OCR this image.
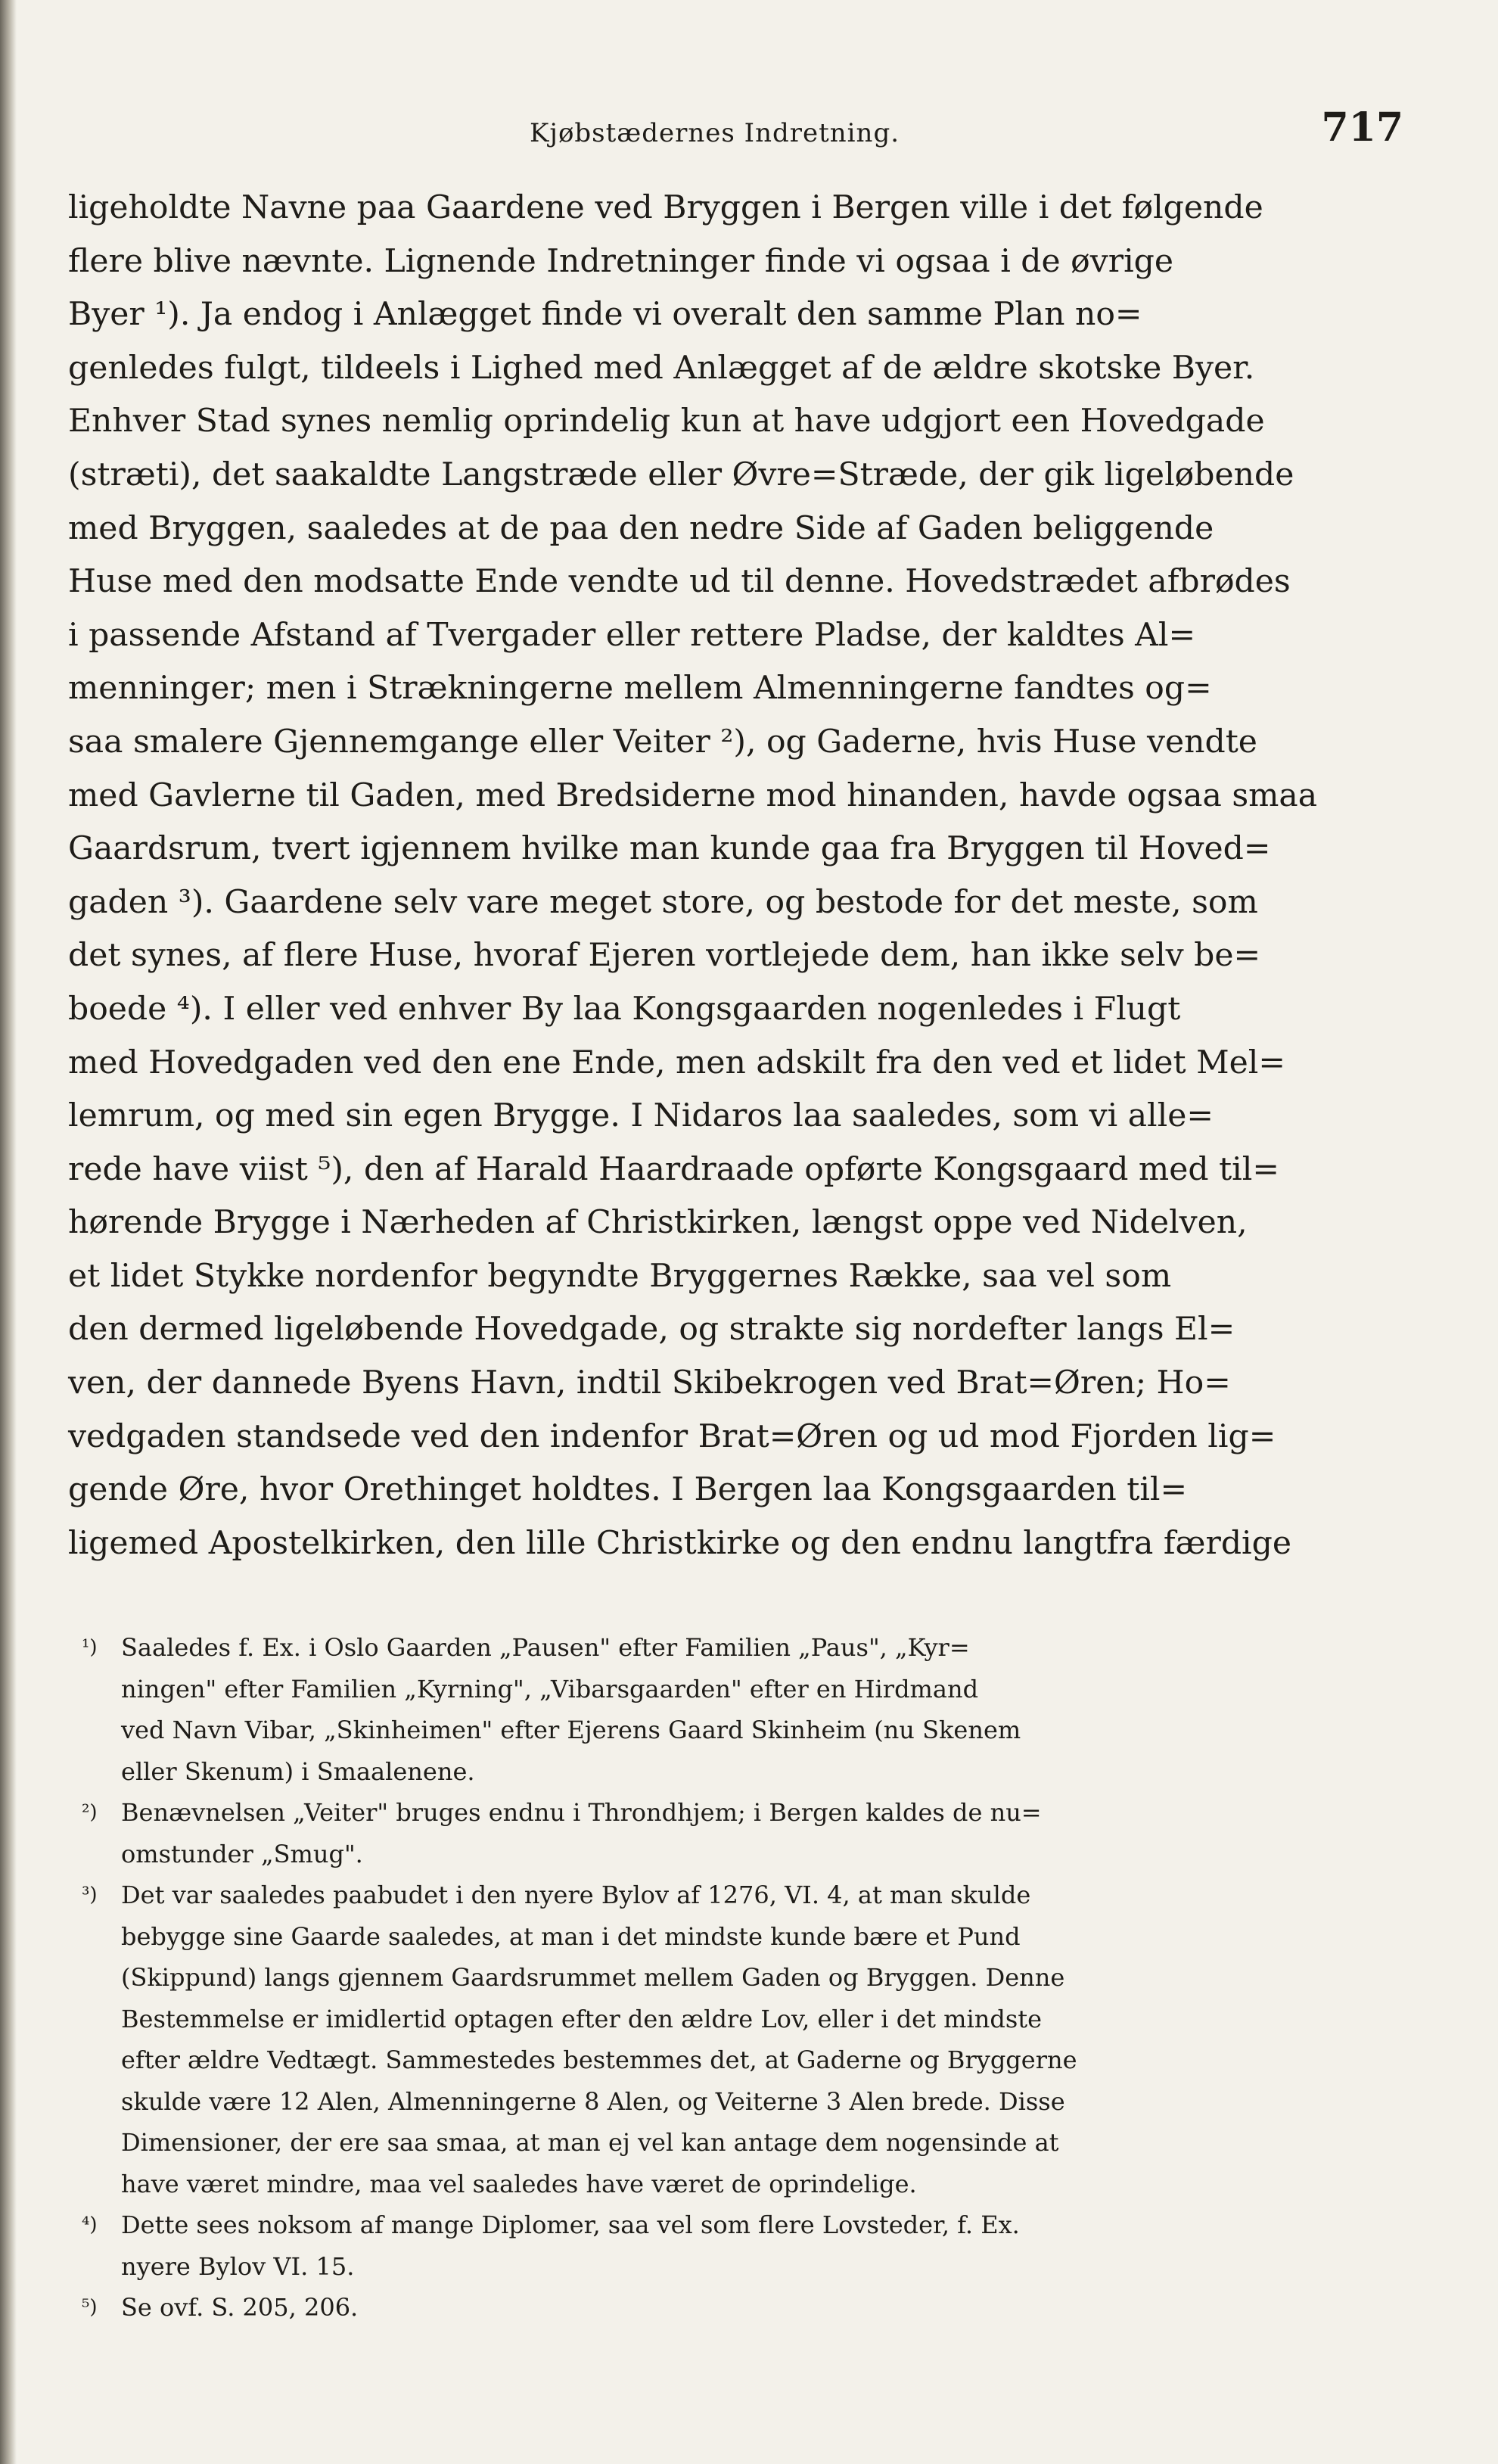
Kjøbstædernes Indretning.	717

ligeholdte Navne paa Gaardene ved Bryggen i Bergen ville i det følgende
flere blive nævnte. Lignende Indretninger finde vi ogsaa i de øvrige
Byer ¹). Ja endog i Anlægget finde vi overalt den samme Plan no=
genledes fulgt, tildeels i Lighed med Anlægget af de ældre skotske Byer.
Enhver Stad synes nemlig oprindelig kun at have udgjort een Hovedgade
(stræti), det saakaldte Langstræde eller Øvre=Stræde, der gik ligeløbende
med Bryggen, saaledes at de paa den nedre Side af Gaden beliggende
Huse med den modsatte Ende vendte ud til denne. Hovedstrædet afbrødes
i passende Afstand af Tvergader eller rettere Pladse, der kaldtes Al=
menninger; men i Strækningerne mellem Almenningerne fandtes og=
saa smalere Gjennemgange eller Veiter ²), og Gaderne, hvis Huse vendte
med Gavlerne til Gaden, med Bredsiderne mod hinanden, havde ogsaa smaa
Gaardsrum, tvert igjennem hvilke man kunde gaa fra Bryggen til Hoved=
gaden ³). Gaardene selv vare meget store, og bestode for det meste, som
det synes, af flere Huse, hvoraf Ejeren vortlejede dem, han ikke selv be=
boede ⁴). I eller ved enhver By laa Kongsgaarden nogenledes i Flugt
med Hovedgaden ved den ene Ende, men adskilt fra den ved et lidet Mel=
lemrum, og med sin egen Brygge. I Nidaros laa saaledes, som vi alle=
rede have viist ⁵), den af Harald Haardraade opførte Kongsgaard med til=
hørende Brygge i Nærheden af Christkirken, længst oppe ved Nidelven,
et lidet Stykke nordenfor begyndte Bryggernes Række, saa vel som
den dermed ligeløbende Hovedgade, og strakte sig nordefter langs El=
ven, der dannede Byens Havn, indtil Skibekrogen ved Brat=Øren; Ho=
vedgaden standsede ved den indenfor Brat=Øren og ud mod Fjorden lig=
gende Øre, hvor Orethinget holdtes. I Bergen laa Kongsgaarden til=
ligemed Apostelkirken, den lille Christkirke og den endnu langtfra færdige

¹) Saaledes f. Ex. i Oslo Gaarden „Pausen" efter Familien „Paus", „Kyr=
ningen" efter Familien „Kyrning", „Vibarsgaarden" efter en Hirdmand
ved Navn Vibar, „Skinheimen" efter Ejerens Gaard Skinheim (nu Skenem
eller Skenum) i Smaalenene.
²) Benævnelsen „Veiter" bruges endnu i Throndhjem; i Bergen kaldes de nu=
omstunder „Smug".
³) Det var saaledes paabudet i den nyere Bylov af 1276, VI. 4, at man skulde
bebygge sine Gaarde saaledes, at man i det mindste kunde bære et Pund
(Skippund) langs gjennem Gaardsrummet mellem Gaden og Bryggen. Denne
Bestemmelse er imidlertid optagen efter den ældre Lov, eller i det mindste
efter ældre Vedtægt. Sammestedes bestemmes det, at Gaderne og Bryggerne
skulde være 12 Alen, Almenningerne 8 Alen, og Veiterne 3 Alen brede. Disse
Dimensioner, der ere saa smaa, at man ej vel kan antage dem nogensinde at
have været mindre, maa vel saaledes have været de oprindelige.
⁴) Dette sees noksom af mange Diplomer, saa vel som flere Lovsteder, f. Ex.
nyere Bylov VI. 15.
⁵) Se ovf. S. 205, 206.
